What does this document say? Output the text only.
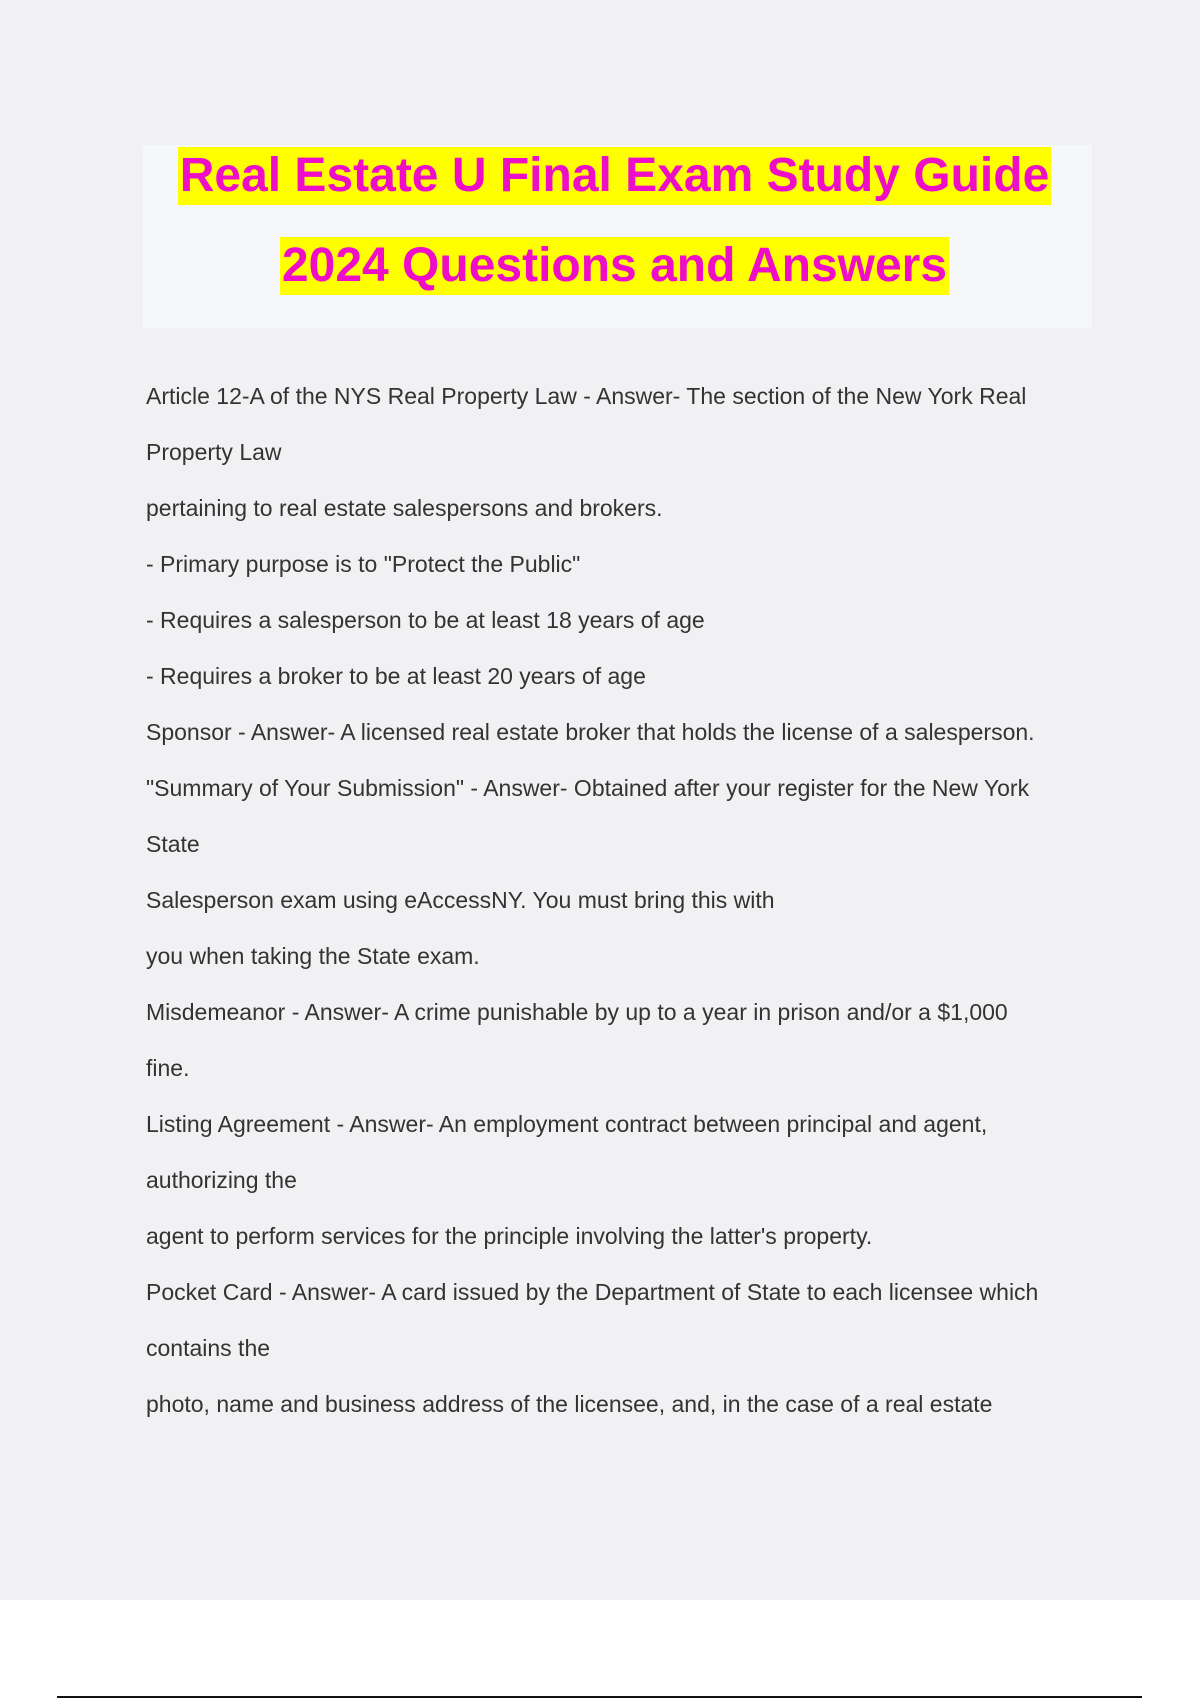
Real Estate U Final Exam Study Guide
2024 Questions and Answers
Article 12-A of the NYS Real Property Law - Answer- The section of the New York Real
Property Law
pertaining to real estate salespersons and brokers.
- Primary purpose is to "Protect the Public"
- Requires a salesperson to be at least 18 years of age
- Requires a broker to be at least 20 years of age
Sponsor - Answer- A licensed real estate broker that holds the license of a salesperson.
"Summary of Your Submission" - Answer- Obtained after your register for the New York
State
Salesperson exam using eAccessNY. You must bring this with
you when taking the State exam.
Misdemeanor - Answer- A crime punishable by up to a year in prison and/or a $1,000
fine.
Listing Agreement - Answer- An employment contract between principal and agent,
authorizing the
agent to perform services for the principle involving the latter's property.
Pocket Card - Answer- A card issued by the Department of State to each licensee which
contains the
photo, name and business address of the licensee, and, in the case of a real estate
